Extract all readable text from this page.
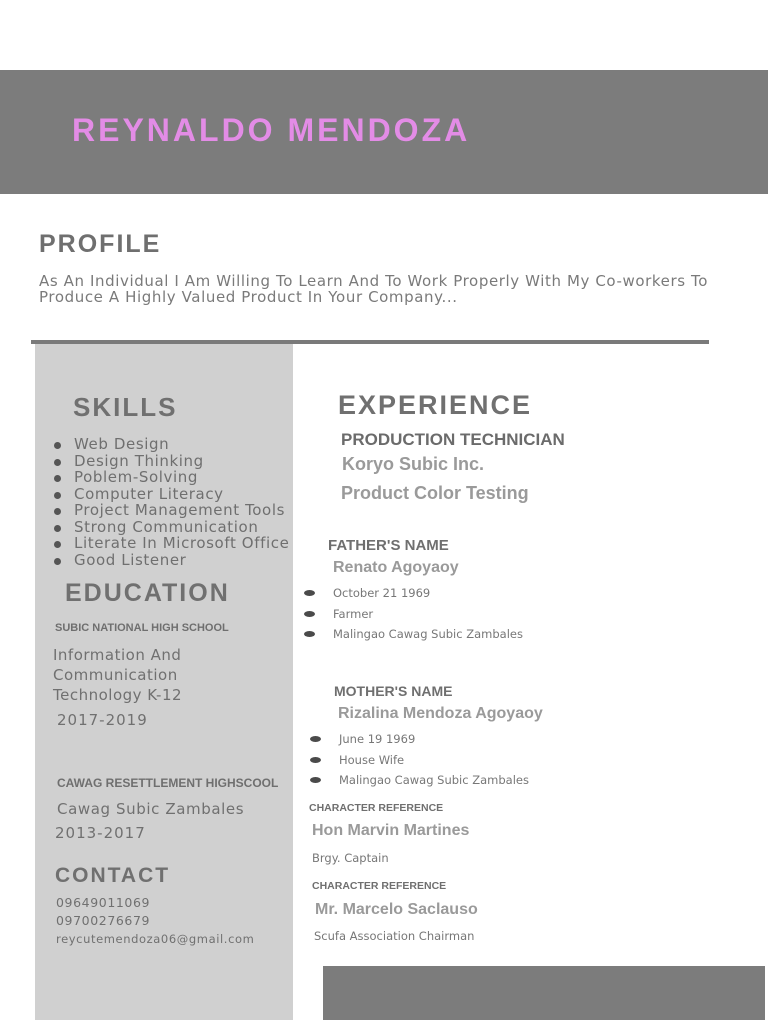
REYNALDO MENDOZA
PROFILE
As An Individual I Am Willing To Learn And To Work Properly With My Co-workers To Produce A Highly Valued Product In Your Company...
SKILLS
Web Design
Design Thinking
Poblem-Solving
Computer Literacy
Project Management Tools
Strong Communication
Literate In Microsoft Office
Good Listener
EDUCATION
SUBIC NATIONAL HIGH SCHOOL
Information And Communication Technology K-12
2017-2019
CAWAG RESETTLEMENT HIGHSCOOL
Cawag Subic Zambales
2013-2017
CONTACT
09649011069
09700276679
reycutemendoza06@gmail.com
EXPERIENCE
PRODUCTION TECHNICIAN
Koryo Subic Inc.
Product Color Testing
FATHER'S NAME
Renato Agoyaoy
October 21 1969
Farmer
Malingao Cawag Subic Zambales
MOTHER'S NAME
Rizalina Mendoza Agoyaoy
June 19 1969
House Wife
Malingao Cawag Subic Zambales
CHARACTER REFERENCE
Hon Marvin Martines
Brgy. Captain
CHARACTER REFERENCE
Mr. Marcelo Saclauso
Scufa Association Chairman
